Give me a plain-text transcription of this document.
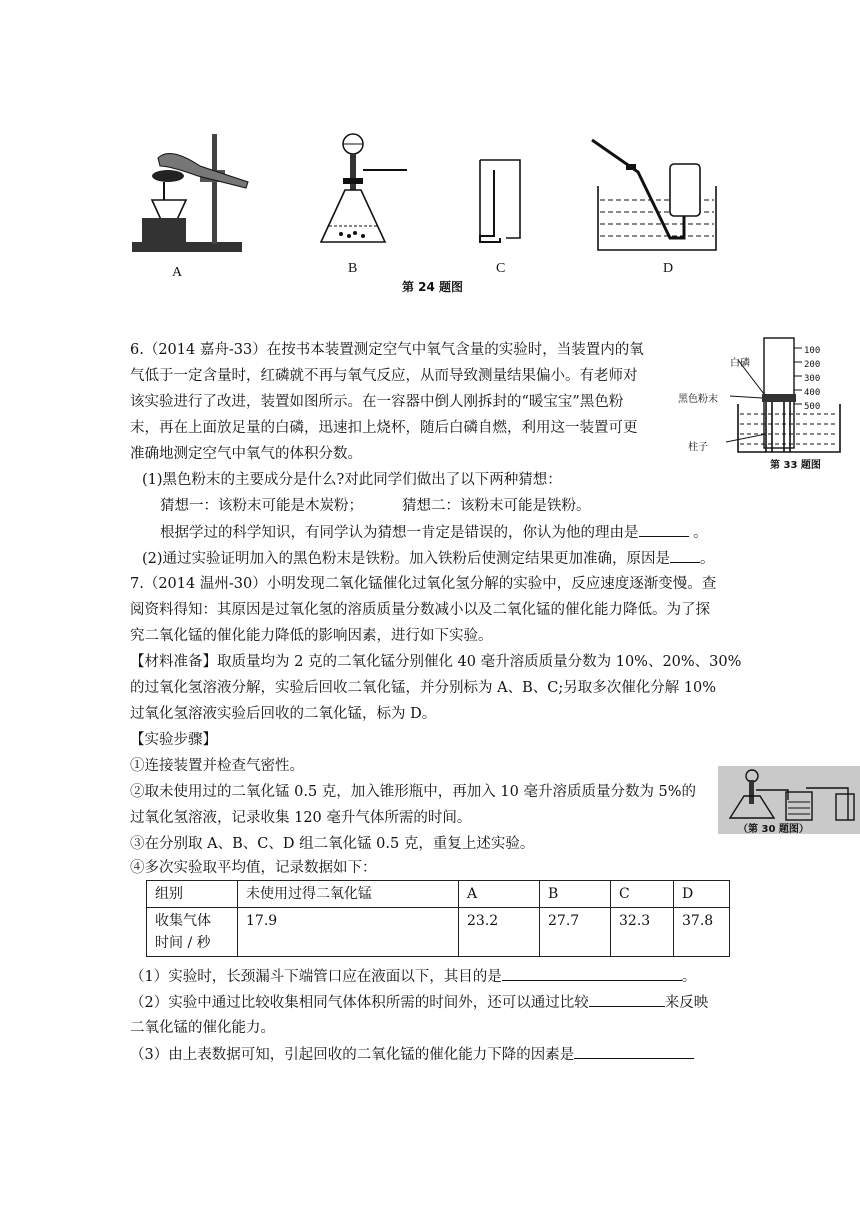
A	B	C	D
第 24 题图
6.（2014 嘉舟-33）在按书本装置测定空气中氧气含量的实验时，当装置内的氧
气低于一定含量时，红磷就不再与氧气反应，从而导致测量结果偏小。有老师对
该实验进行了改进，装置如图所示。在一容器中倒人刚拆封的“暖宝宝”黑色粉
末，再在上面放足量的白磷，迅速扣上烧杯，随后白磷自燃，利用这一装置可更
准确地测定空气中氧气的体积分数。
(1)黑色粉末的主要成分是什么?对此同学们做出了以下两种猜想：
猜想一：该粉末可能是木炭粉；	猜想二：该粉末可能是铁粉。
根据学过的科学知识，有同学认为猜想一肯定是错误的，你认为他的理由是	。
(2)通过实验证明加入的黑色粉末是铁粉。加入铁粉后使测定结果更加准确，原因是 。
100
200
300
400
500
白磷
黑色粉末
柱子
第 33 题图
7.（2014 温州-30）小明发现二氧化锰催化过氧化氢分解的实验中，反应速度逐渐变慢。查
阅资料得知：其原因是过氧化氢的溶质质量分数减小以及二氧化锰的催化能力降低。为了探
究二氧化锰的催化能力降低的影响因素，进行如下实验。
【材料准备】取质量均为 2 克的二氧化锰分别催化 40 毫升溶质质量分数为 10%、20%、30%
的过氧化氢溶液分解，实验后回收二氧化锰，并分别标为 A、B、C;另取多次催化分解 10%
过氧化氢溶液实验后回收的二氧化锰，标为 D。
【实验步骤】
①连接装置并检查气密性。
②取未使用过的二氧化锰 0.5 克，加入锥形瓶中，再加入 10 毫升溶质质量分数为 5%的
过氧化氢溶液，记录收集 120 毫升气体所需的时间。
③在分别取 A、B、C、D 组二氧化锰 0.5 克，重复上述实验。
④多次实验取平均值，记录数据如下：
（第 30 题图）
组别	未使用过得二氧化锰	A	B	C	D

收集气体
时间 / 秒	17.9	23.2	27.7	32.3	37.8
（1）实验时，长颈漏斗下端管口应在液面以下，其目的是	。
（2）实验中通过比较收集相同气体体积所需的时间外，还可以通过比较	来反映
二氧化锰的催化能力。
（3）由上表数据可知，引起回收的二氧化锰的催化能力下降的因素是
